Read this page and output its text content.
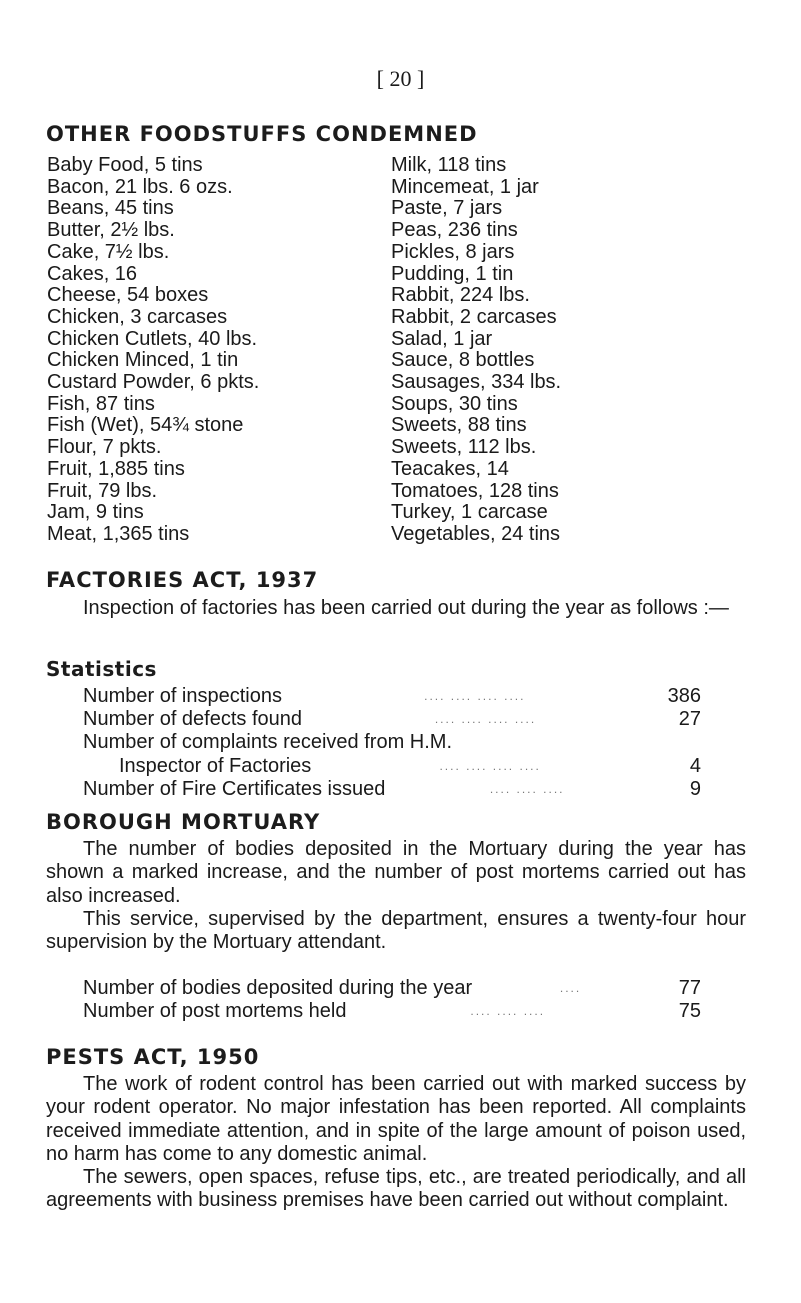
[ 20 ]
OTHER FOODSTUFFS CONDEMNED
Baby Food, 5 tins
Bacon, 21 lbs. 6 ozs.
Beans, 45 tins
Butter, 2½ lbs.
Cake, 7½ lbs.
Cakes, 16
Cheese, 54 boxes
Chicken, 3 carcases
Chicken Cutlets, 40 lbs.
Chicken Minced, 1 tin
Custard Powder, 6 pkts.
Fish, 87 tins
Fish (Wet), 54¾ stone
Flour, 7 pkts.
Fruit, 1,885 tins
Fruit, 79 lbs.
Jam, 9 tins
Meat, 1,365 tins
Milk, 118 tins
Mincemeat, 1 jar
Paste, 7 jars
Peas, 236 tins
Pickles, 8 jars
Pudding, 1 tin
Rabbit, 224 lbs.
Rabbit, 2 carcases
Salad, 1 jar
Sauce, 8 bottles
Sausages, 334 lbs.
Soups, 30 tins
Sweets, 88 tins
Sweets, 112 lbs.
Teacakes, 14
Tomatoes, 128 tins
Turkey, 1 carcase
Vegetables, 24 tins
FACTORIES ACT, 1937

Inspection of factories has been carried out during the year as follows :—

Statistics
Number of inspections	.... .... .... ....	386
Number of defects found	.... .... .... ....	27
Number of complaints received from H.M.
Inspector of Factories	.... .... .... ....	4
Number of Fire Certificates issued	.... .... ....	9
BOROUGH MORTUARY

The number of bodies deposited in the Mortuary during the year has shown a marked increase, and the number of post mortems carried out has also increased.

This service, supervised by the department, ensures a twenty-four hour supervision by the Mortuary attendant.

Number of bodies deposited during the year	....	77
Number of post mortems held	.... .... ....	75
PESTS ACT, 1950

The work of rodent control has been carried out with marked success by your rodent operator. No major infestation has been reported. All complaints received immediate attention, and in spite of the large amount of poison used, no harm has come to any domestic animal.

The sewers, open spaces, refuse tips, etc., are treated periodically, and all agreements with business premises have been carried out without complaint.
